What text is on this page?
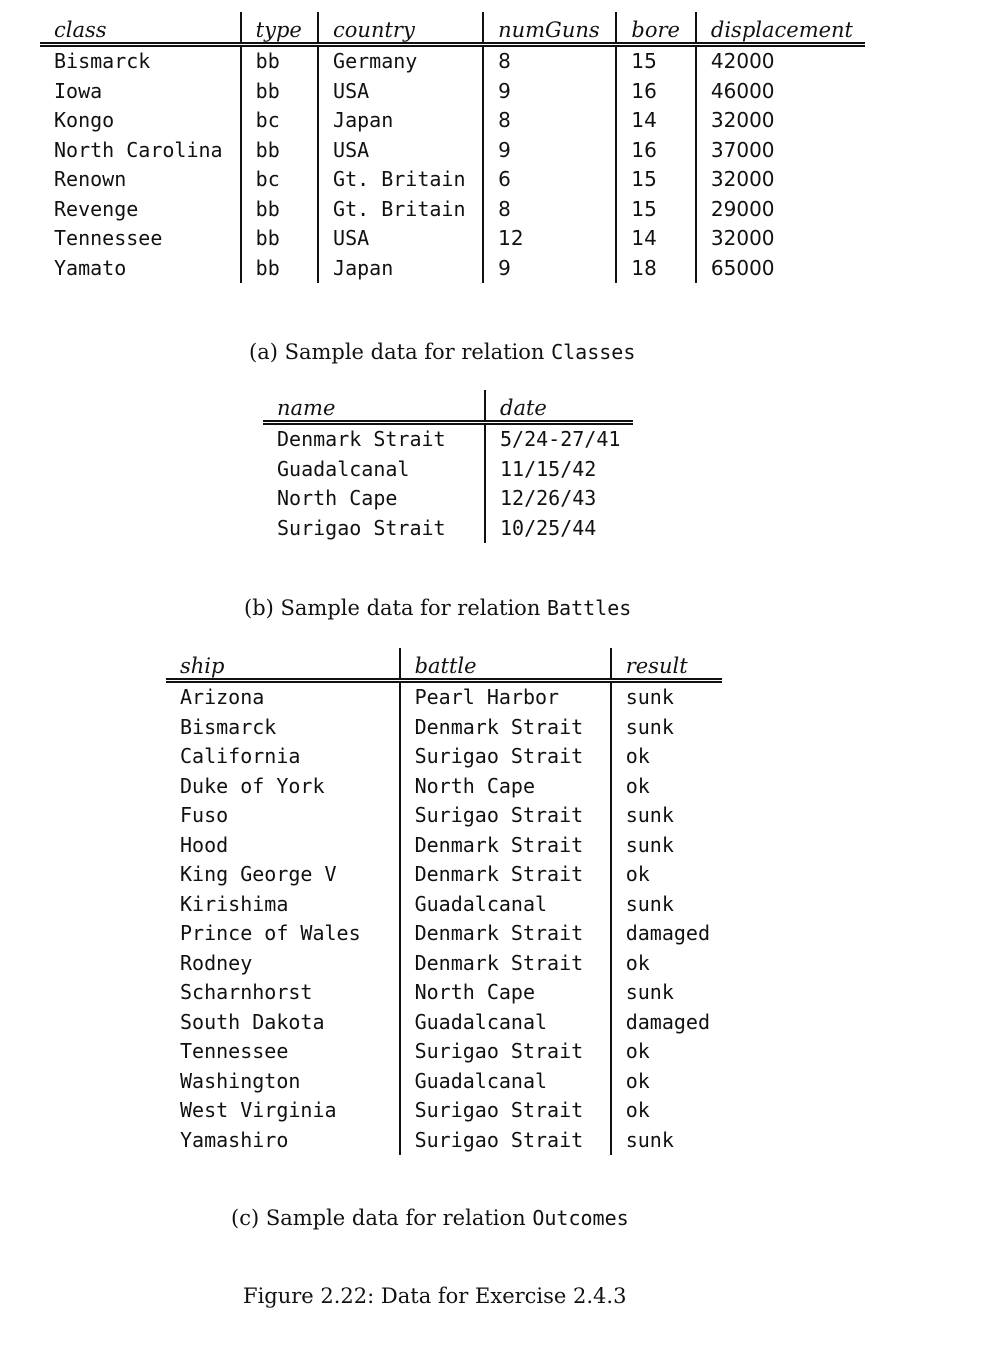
class	type	country	numGuns	bore	displacement
Bismarck	bb	Germany	8	15	42000
Iowa	bb	USA	9	16	46000
Kongo	bc	Japan	8	14	32000
North Carolina	bb	USA	9	16	37000
Renown	bc	Gt. Britain	6	15	32000
Revenge	bb	Gt. Britain	8	15	29000
Tennessee	bb	USA	12	14	32000
Yamato	bb	Japan	9	18	65000
(a) Sample data for relation Classes
name	date
Denmark Strait	5/24-27/41
Guadalcanal	11/15/42
North Cape	12/26/43
Surigao Strait	10/25/44
(b) Sample data for relation Battles
ship	battle	result
Arizona	Pearl Harbor	sunk
Bismarck	Denmark Strait	sunk
California	Surigao Strait	ok
Duke of York	North Cape	ok
Fuso	Surigao Strait	sunk
Hood	Denmark Strait	sunk
King George V	Denmark Strait	ok
Kirishima	Guadalcanal	sunk
Prince of Wales	Denmark Strait	damaged
Rodney	Denmark Strait	ok
Scharnhorst	North Cape	sunk
South Dakota	Guadalcanal	damaged
Tennessee	Surigao Strait	ok
Washington	Guadalcanal	ok
West Virginia	Surigao Strait	ok
Yamashiro	Surigao Strait	sunk
(c) Sample data for relation Outcomes
Figure 2.22: Data for Exercise 2.4.3
